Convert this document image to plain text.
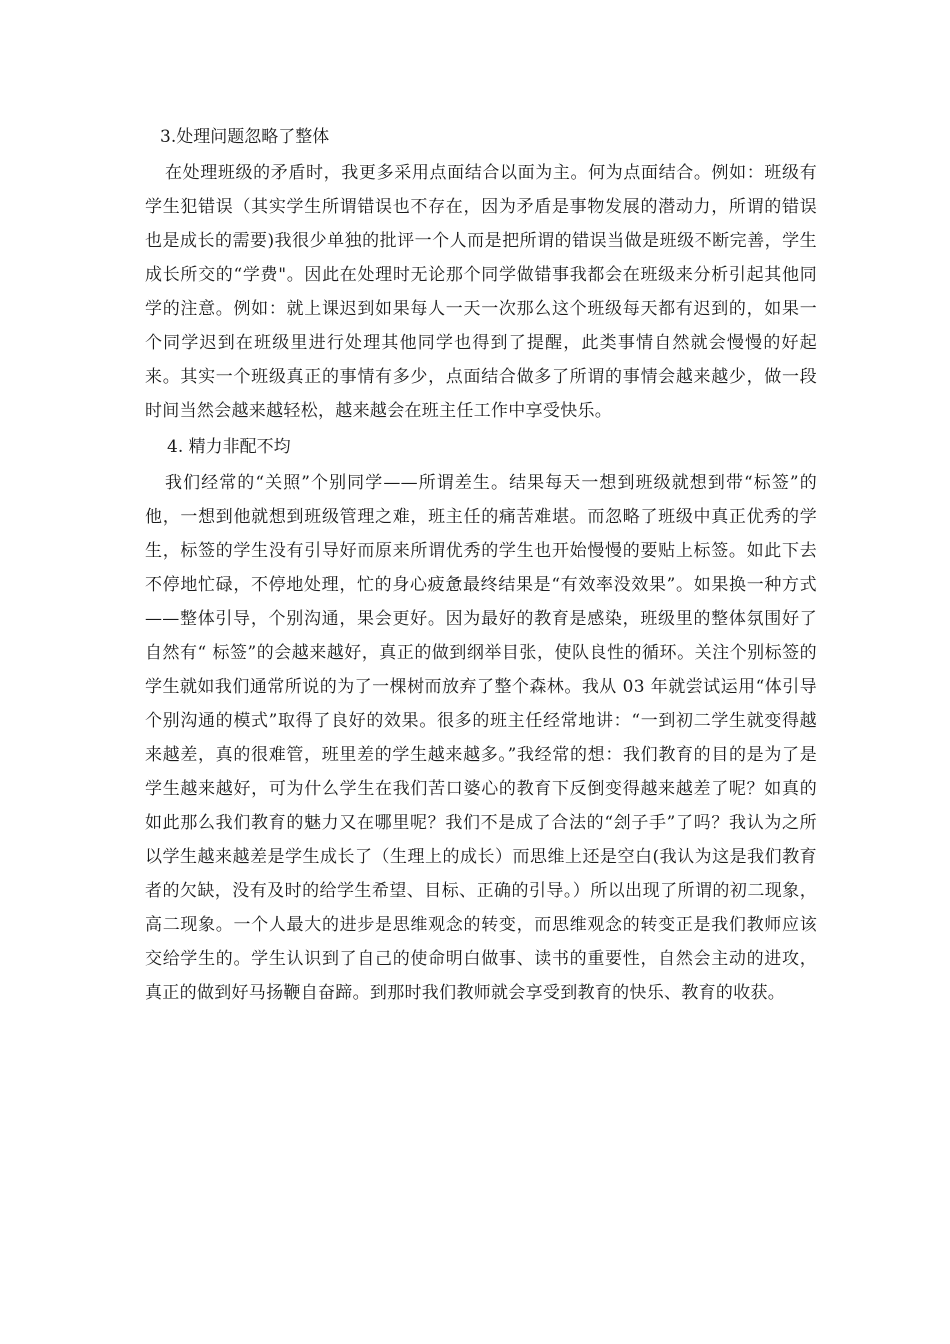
3.处理问题忽略了整体

在处理班级的矛盾时，我更多采用点面结合以面为主。何为点面结合。例如：班级有学生犯错误（其实学生所谓错误也不存在，因为矛盾是事物发展的潜动力，所谓的错误也是成长的需要)我很少单独的批评一个人而是把所谓的错误当做是班级不断完善，学生成长所交的“学费"。因此在处理时无论那个同学做错事我都会在班级来分析引起其他同学的注意。例如：就上课迟到如果每人一天一次那么这个班级每天都有迟到的，如果一个同学迟到在班级里进行处理其他同学也得到了提醒，此类事情自然就会慢慢的好起来。其实一个班级真正的事情有多少，点面结合做多了所谓的事情会越来越少，做一段时间当然会越来越轻松，越来越会在班主任工作中享受快乐。

4. 精力非配不均

我们经常的“关照”个别同学——所谓差生。结果每天一想到班级就想到带“标签”的他，一想到他就想到班级管理之难，班主任的痛苦难堪。而忽略了班级中真正优秀的学生，标签的学生没有引导好而原来所谓优秀的学生也开始慢慢的要贴上标签。如此下去不停地忙碌，不停地处理，忙的身心疲惫最终结果是“有效率没效果”。如果换一种方式——整体引导，个别沟通，果会更好。因为最好的教育是感染，班级里的整体氛围好了自然有“ 标签”的会越来越好，真正的做到纲举目张，使队良性的循环。关注个别标签的学生就如我们通常所说的为了一棵树而放弃了整个森林。我从 03 年就尝试运用“体引导个别沟通的模式”取得了良好的效果。很多的班主任经常地讲：“一到初二学生就变得越来越差，真的很难管，班里差的学生越来越多。”我经常的想：我们教育的目的是为了是学生越来越好，可为什么学生在我们苦口婆心的教育下反倒变得越来越差了呢？如真的如此那么我们教育的魅力又在哪里呢？我们不是成了合法的“刽子手”了吗？我认为之所以学生越来越差是学生成长了（生理上的成长）而思维上还是空白(我认为这是我们教育者的欠缺，没有及时的给学生希望、目标、正确的引导。）所以出现了所谓的初二现象，高二现象。一个人最大的进步是思维观念的转变，而思维观念的转变正是我们教师应该交给学生的。学生认识到了自己的使命明白做事、读书的重要性，自然会主动的进攻，真正的做到好马扬鞭自奋蹄。到那时我们教师就会享受到教育的快乐、教育的收获。
